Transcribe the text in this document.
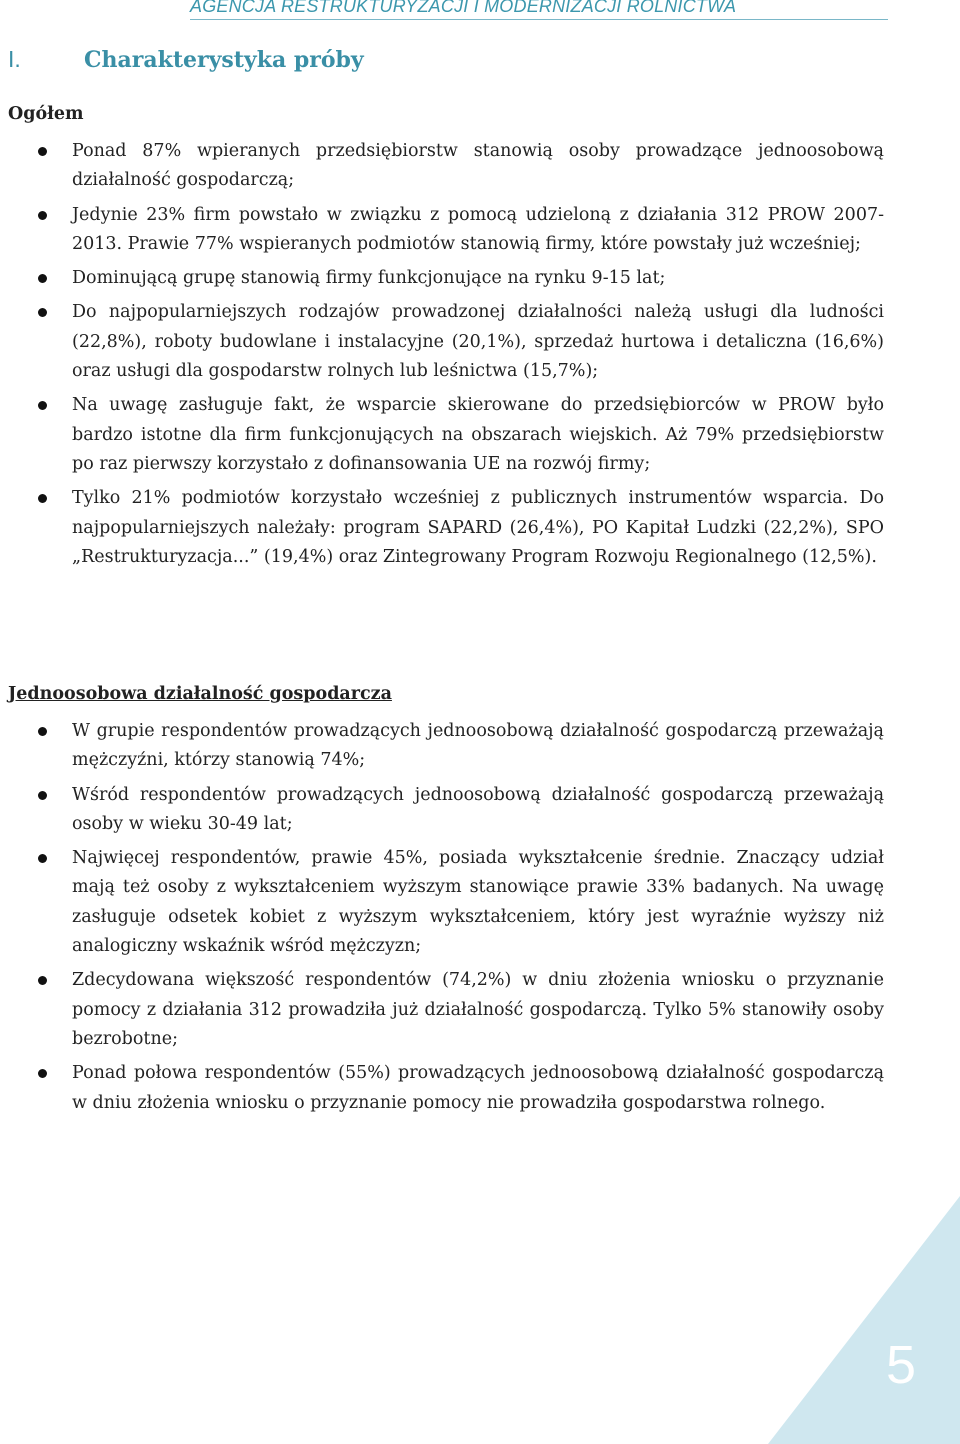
AGENCJA RESTRUKTURYZACJI I MODERNIZACJI ROLNICTWA
I.	Charakterystyka próby
Ogółem
Ponad 87% wpieranych przedsiębiorstw stanowią osoby prowadzące jednoosobową działalność gospodarczą;
Jedynie 23% firm powstało w związku z pomocą udzieloną z działania 312 PROW 2007-2013. Prawie 77% wspieranych podmiotów stanowią firmy, które powstały już wcześniej;
Dominującą grupę stanowią firmy funkcjonujące na rynku 9-15 lat;
Do najpopularniejszych rodzajów prowadzonej działalności należą usługi dla ludności (22,8%), roboty budowlane i instalacyjne (20,1%), sprzedaż hurtowa i detaliczna (16,6%) oraz usługi dla gospodarstw rolnych lub leśnictwa (15,7%);
Na uwagę zasługuje fakt, że wsparcie skierowane do przedsiębiorców w PROW było bardzo istotne dla firm funkcjonujących na obszarach wiejskich. Aż 79% przedsiębiorstw po raz pierwszy korzystało z dofinansowania UE na rozwój firmy;
Tylko 21% podmiotów korzystało wcześniej z publicznych instrumentów wsparcia. Do najpopularniejszych należały: program SAPARD (26,4%), PO Kapitał Ludzki (22,2%), SPO „Restrukturyzacja...” (19,4%) oraz Zintegrowany Program Rozwoju Regionalnego (12,5%).
Jednoosobowa działalność gospodarcza
W grupie respondentów prowadzących jednoosobową działalność gospodarczą przeważają mężczyźni, którzy stanowią 74%;
Wśród respondentów prowadzących jednoosobową działalność gospodarczą przeważają osoby w wieku 30-49 lat;
Najwięcej respondentów, prawie 45%, posiada wykształcenie średnie. Znaczący udział mają też osoby z wykształceniem wyższym stanowiące prawie 33% badanych. Na uwagę zasługuje odsetek kobiet z wyższym wykształceniem, który jest wyraźnie wyższy niż analogiczny wskaźnik wśród mężczyzn;
Zdecydowana większość respondentów (74,2%) w dniu złożenia wniosku o przyznanie pomocy z działania 312 prowadziła już działalność gospodarczą. Tylko 5% stanowiły osoby bezrobotne;
Ponad połowa respondentów (55%) prowadzących jednoosobową działalność gospodarczą w dniu złożenia wniosku o przyznanie pomocy nie prowadziła gospodarstwa rolnego.
5
